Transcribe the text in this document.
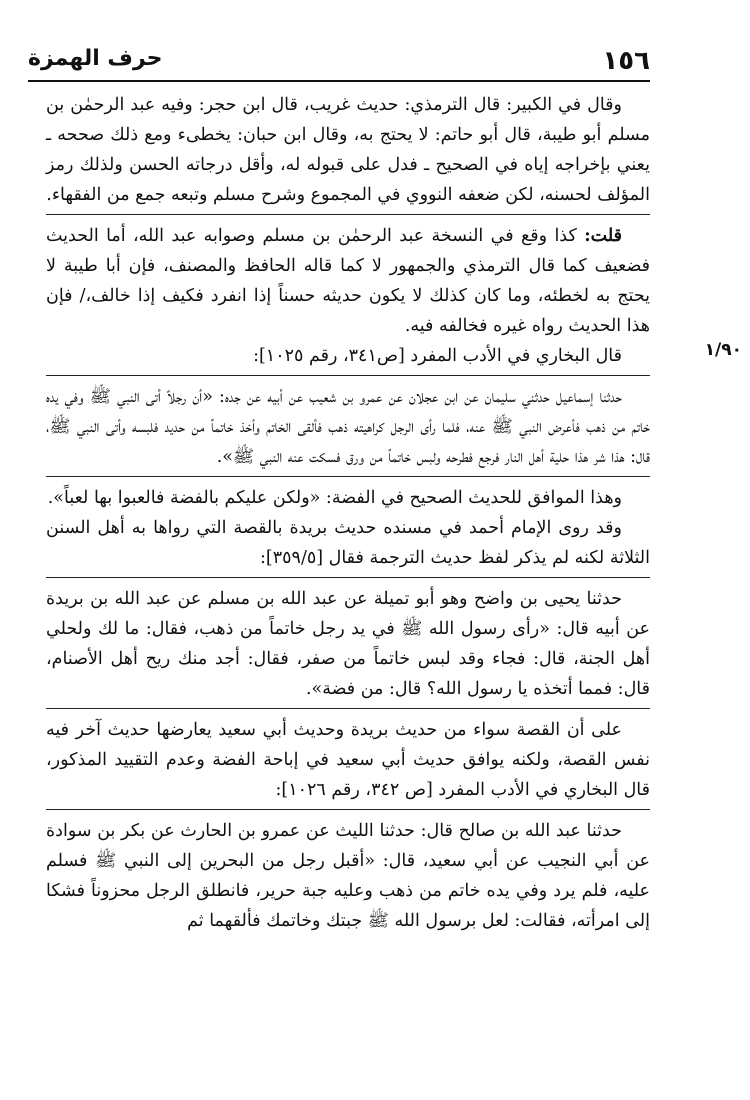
١٥٦
حرف الهمزة
١/٩٠

وقال في الكبير: قال الترمذي: حديث غريب، قال ابن حجر: وفيه عبد الرحمٰن بن مسلم أبو طيبة، قال أبو حاتم: لا يحتج به، وقال ابن حبان: يخطىء ومع ذلك صححه ـ يعني بإخراجه إياه في الصحيح ـ فدل على قبوله له، وأقل درجاته الحسن ولذلك رمز المؤلف لحسنه، لكن ضعفه النووي في المجموع وشرح مسلم وتبعه جمع من الفقهاء.

قلت: كذا وقع في النسخة عبد الرحمٰن بن مسلم وصوابه عبد الله، أما الحديث فضعيف كما قال الترمذي والجمهور لا كما قاله الحافظ والمصنف، فإن أبا طيبة لا يحتج به لخطئه، وما كان كذلك لا يكون حديثه حسناً إذا انفرد فكيف إذا خالف،/ فإن هذا الحديث رواه غيره فخالفه فيه.

قال البخاري في الأدب المفرد [ص٣٤١، رقم ١٠٢٥]:

حدثنا إسماعيل حدثني سليمان عن ابن عجلان عن عمرو بن شعيب عن أبيه عن جده: «أن رجلاً أتى النبي ﷺ وفي يده خاتم من ذهب فأعرض النبي ﷺ عنه، فلما رأى الرجل كراهيته ذهب فألقى الخاتم وأخذ خاتماً من حديد فلبسه وأتى النبي ﷺ، قال: هذا شر هذا حلية أهل النار فرجع فطرحه ولبس خاتماً من ورق فسكت عنه النبي ﷺ».

وهذا الموافق للحديث الصحيح في الفضة: «ولكن عليكم بالفضة فالعبوا بها لعباً».

وقد روى الإمام أحمد في مسنده حديث بريدة بالقصة التي رواها به أهل السنن الثلاثة لكنه لم يذكر لفظ حديث الترجمة فقال [٣٥٩/٥]:

حدثنا يحيى بن واضح وهو أبو تميلة عن عبد الله بن مسلم عن عبد الله بن بريدة عن أبيه قال: «رأى رسول الله ﷺ في يد رجل خاتماً من ذهب، فقال: ما لك ولحلي أهل الجنة، قال: فجاء وقد لبس خاتماً من صفر، فقال: أجد منك ريح أهل الأصنام، قال: فمما أتخذه يا رسول الله؟ قال: من فضة».

على أن القصة سواء من حديث بريدة وحديث أبي سعيد يعارضها حديث آخر فيه نفس القصة، ولكنه يوافق حديث أبي سعيد في إباحة الفضة وعدم التقييد المذكور، قال البخاري في الأدب المفرد [ص ٣٤٢، رقم ١٠٢٦]:

حدثنا عبد الله بن صالح قال: حدثنا الليث عن عمرو بن الحارث عن بكر بن سوادة عن أبي النجيب عن أبي سعيد، قال: «أقبل رجل من البحرين إلى النبي ﷺ فسلم عليه، فلم يرد وفي يده خاتم من ذهب وعليه جبة حرير، فانطلق الرجل محزوناً فشكا إلى امرأته، فقالت: لعل برسول الله ﷺ جبتك وخاتمك فألقهما ثم
